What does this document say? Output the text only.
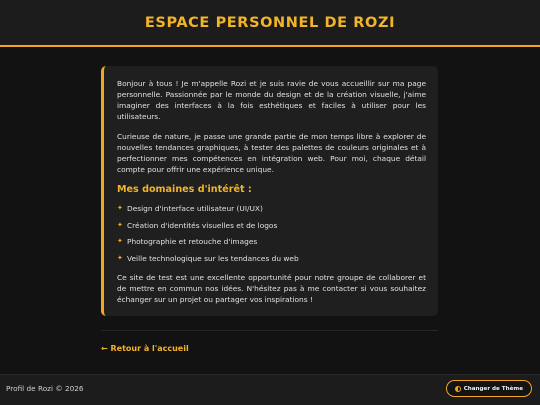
ESPACE PERSONNEL DE ROZI

Bonjour à tous ! Je m'appelle Rozi et je suis ravie de vous accueillir sur ma page personnelle. Passionnée par le monde du design et de la création visuelle, j'aime imaginer des interfaces à la fois esthétiques et faciles à utiliser pour les utilisateurs.

Curieuse de nature, je passe une grande partie de mon temps libre à explorer de nouvelles tendances graphiques, à tester des palettes de couleurs originales et à perfectionner mes compétences en intégration web. Pour moi, chaque détail compte pour offrir une expérience unique.

Mes domaines d'intérêt :
✦ Design d'interface utilisateur (UI/UX)
✦ Création d'identités visuelles et de logos
✦ Photographie et retouche d'images
✦ Veille technologique sur les tendances du web

Ce site de test est une excellente opportunité pour notre groupe de collaborer et de mettre en commun nos idées. N'hésitez pas à me contacter si vous souhaitez échanger sur un projet ou partager vos inspirations !

← Retour à l'accueil
Profil de Rozi © 2026	Changer de Thème
